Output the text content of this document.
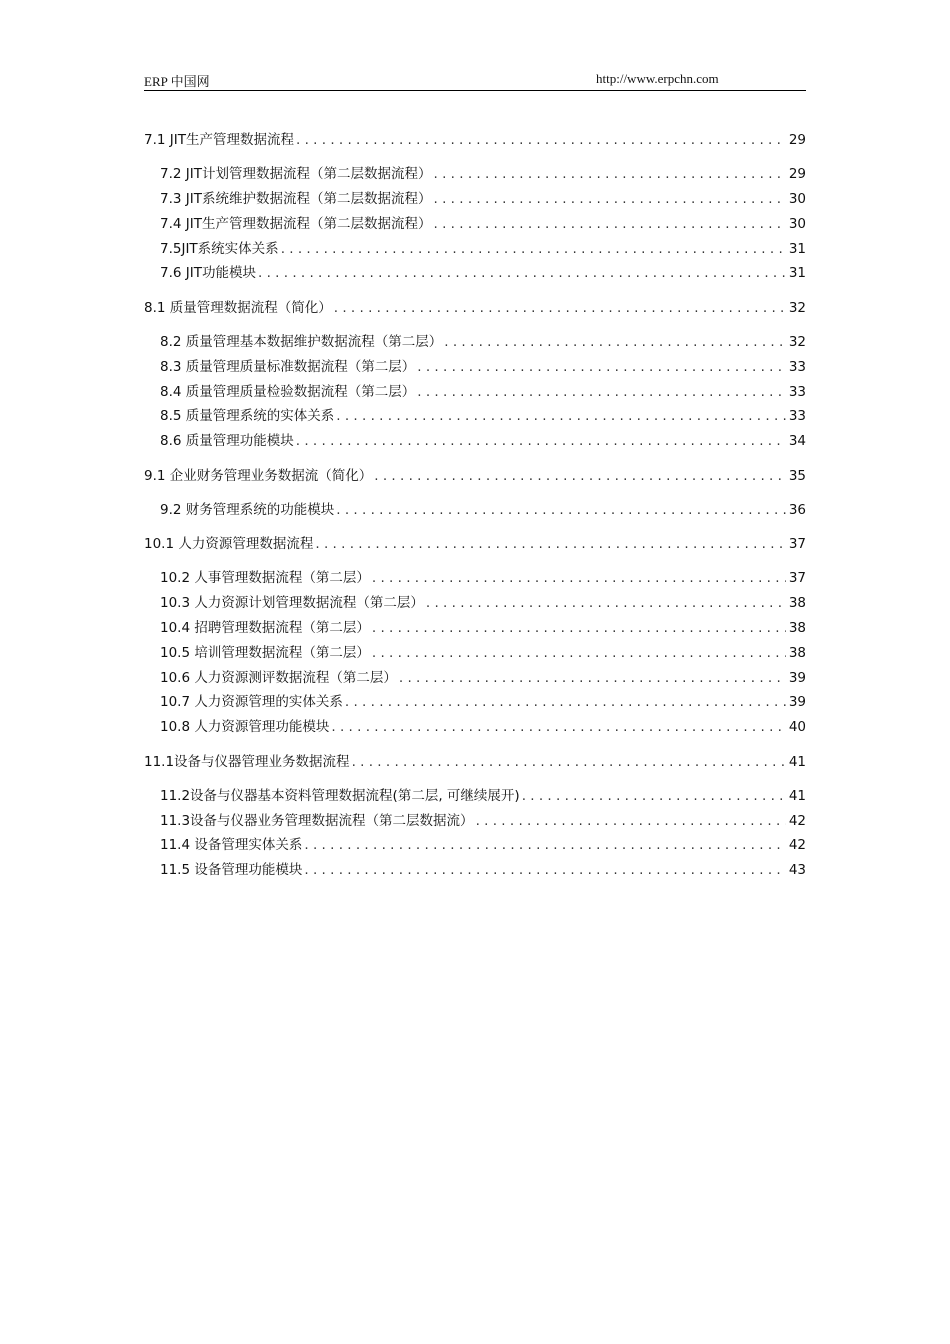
ERP 中国网	http://www.erpchn.com
7.1 JIT生产管理数据流程 . . .	29
7.2 JIT计划管理数据流程（第二层数据流程） . . .	29
7.3 JIT系统维护数据流程（第二层数据流程） . . .	30
7.4 JIT生产管理数据流程（第二层数据流程） . . .	30
7.5JIT系统实体关系 . . .	31
7.6 JIT功能模块 . . .	31
8.1 质量管理数据流程（简化） . . .	32
8.2 质量管理基本数据维护数据流程（第二层） . . .	32
8.3 质量管理质量标准数据流程（第二层） . . .	33
8.4 质量管理质量检验数据流程（第二层） . . .	33
8.5 质量管理系统的实体关系 . . .	33
8.6 质量管理功能模块 . . .	34
9.1 企业财务管理业务数据流（简化） . . .	35
9.2 财务管理系统的功能模块 . . .	36
10.1 人力资源管理数据流程 . . .	37
10.2 人事管理数据流程（第二层） . . .	37
10.3 人力资源计划管理数据流程（第二层） . . .	38
10.4 招聘管理数据流程（第二层） . . .	38
10.5 培训管理数据流程（第二层） . . .	38
10.6 人力资源测评数据流程（第二层） . . .	39
10.7 人力资源管理的实体关系 . . .	39
10.8 人力资源管理功能模块 . . .	40
11.1设备与仪器管理业务数据流程 . . .	41
11.2设备与仪器基本资料管理数据流程(第二层, 可继续展开) . . .	41
11.3设备与仪器业务管理数据流程（第二层数据流） . . .	42
11.4 设备管理实体关系 . . .	42
11.5 设备管理功能模块 . . .	43
